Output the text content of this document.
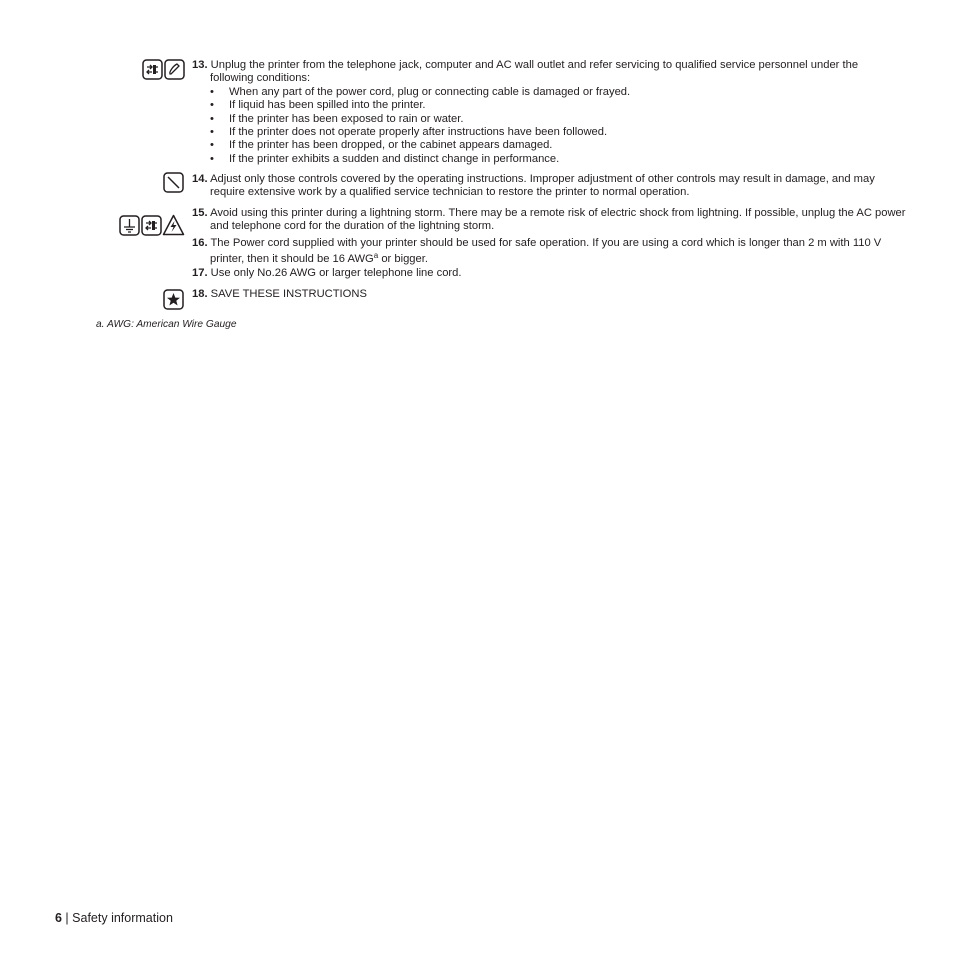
13. Unplug the printer from the telephone jack, computer and AC wall outlet and refer servicing to qualified service personnel under the following conditions:
• When any part of the power cord, plug or connecting cable is damaged or frayed.
• If liquid has been spilled into the printer.
• If the printer has been exposed to rain or water.
• If the printer does not operate properly after instructions have been followed.
• If the printer has been dropped, or the cabinet appears damaged.
• If the printer exhibits a sudden and distinct change in performance.
14. Adjust only those controls covered by the operating instructions. Improper adjustment of other controls may result in damage, and may require extensive work by a qualified service technician to restore the printer to normal operation.
15. Avoid using this printer during a lightning storm. There may be a remote risk of electric shock from lightning. If possible, unplug the AC power and telephone cord for the duration of the lightning storm.
16. The Power cord supplied with your printer should be used for safe operation. If you are using a cord which is longer than 2 m with 110 V printer, then it should be 16 AWG$^a$ or bigger.
17. Use only No.26 AWG or larger telephone line cord.
18. SAVE THESE INSTRUCTIONS
a. AWG: American Wire Gauge
6 | Safety information
